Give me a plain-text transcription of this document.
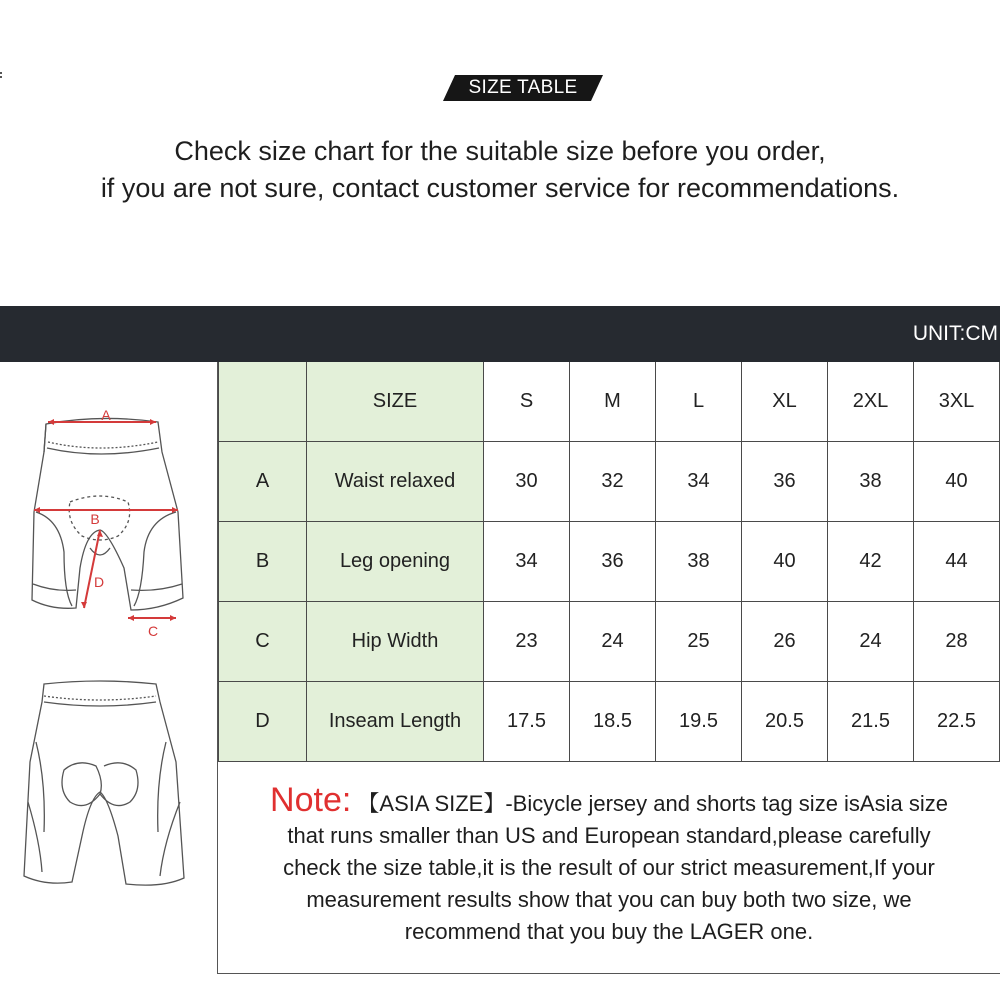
SIZE TABLE
Check size chart for the suitable size before you order,
if you are not sure, contact customer service for recommendations.
UNIT:CM
A
B
C
D
	SIZE	S	M	L	XL	2XL	3XL
A	Waist relaxed	30	32	34	36	38	40
B	Leg opening	34	36	38	40	42	44
C	Hip Width	23	24	25	26	24	28
D	Inseam Length	17.5	18.5	19.5	20.5	21.5	22.5
Note: 【ASIA SIZE】-Bicycle jersey and shorts tag size isAsia size
that runs smaller than US and European standard,please carefully
check the size table,it is the result of our strict measurement,If your
measurement results show that you can buy both two size, we
recommend that you buy the LAGER one.
